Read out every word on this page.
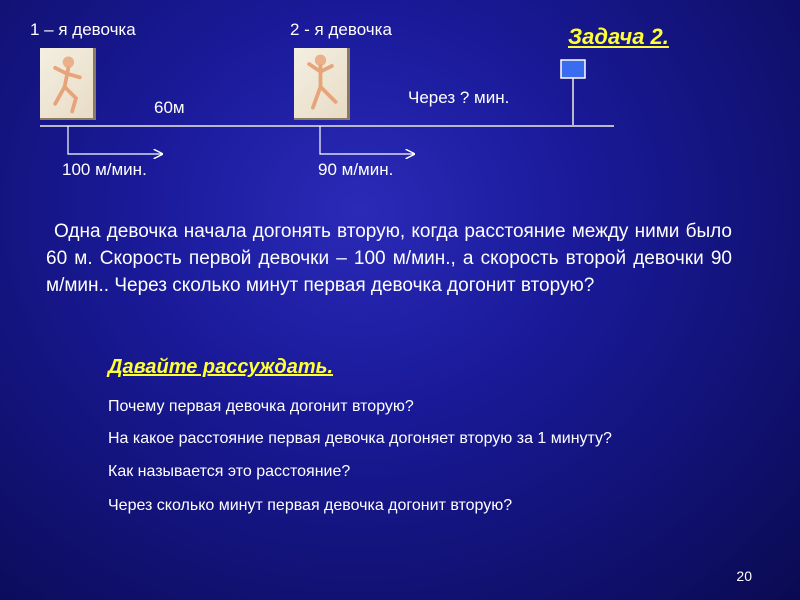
1 – я девочка	2 - я девочка	Задача 2.
60м
Через ? мин.
100 м/мин.	90 м/мин.
Одна девочка начала догонять вторую, когда расстояние между ними было 60 м. Скорость первой девочки – 100 м/мин., а скорость второй девочки 90 м/мин.. Через сколько минут первая девочка догонит вторую?
Давайте рассуждать.
Почему первая девочка догонит вторую?
На какое расстояние первая девочка догоняет вторую за 1 минуту?
Как называется это расстояние?
Через сколько минут первая девочка догонит вторую?
20
